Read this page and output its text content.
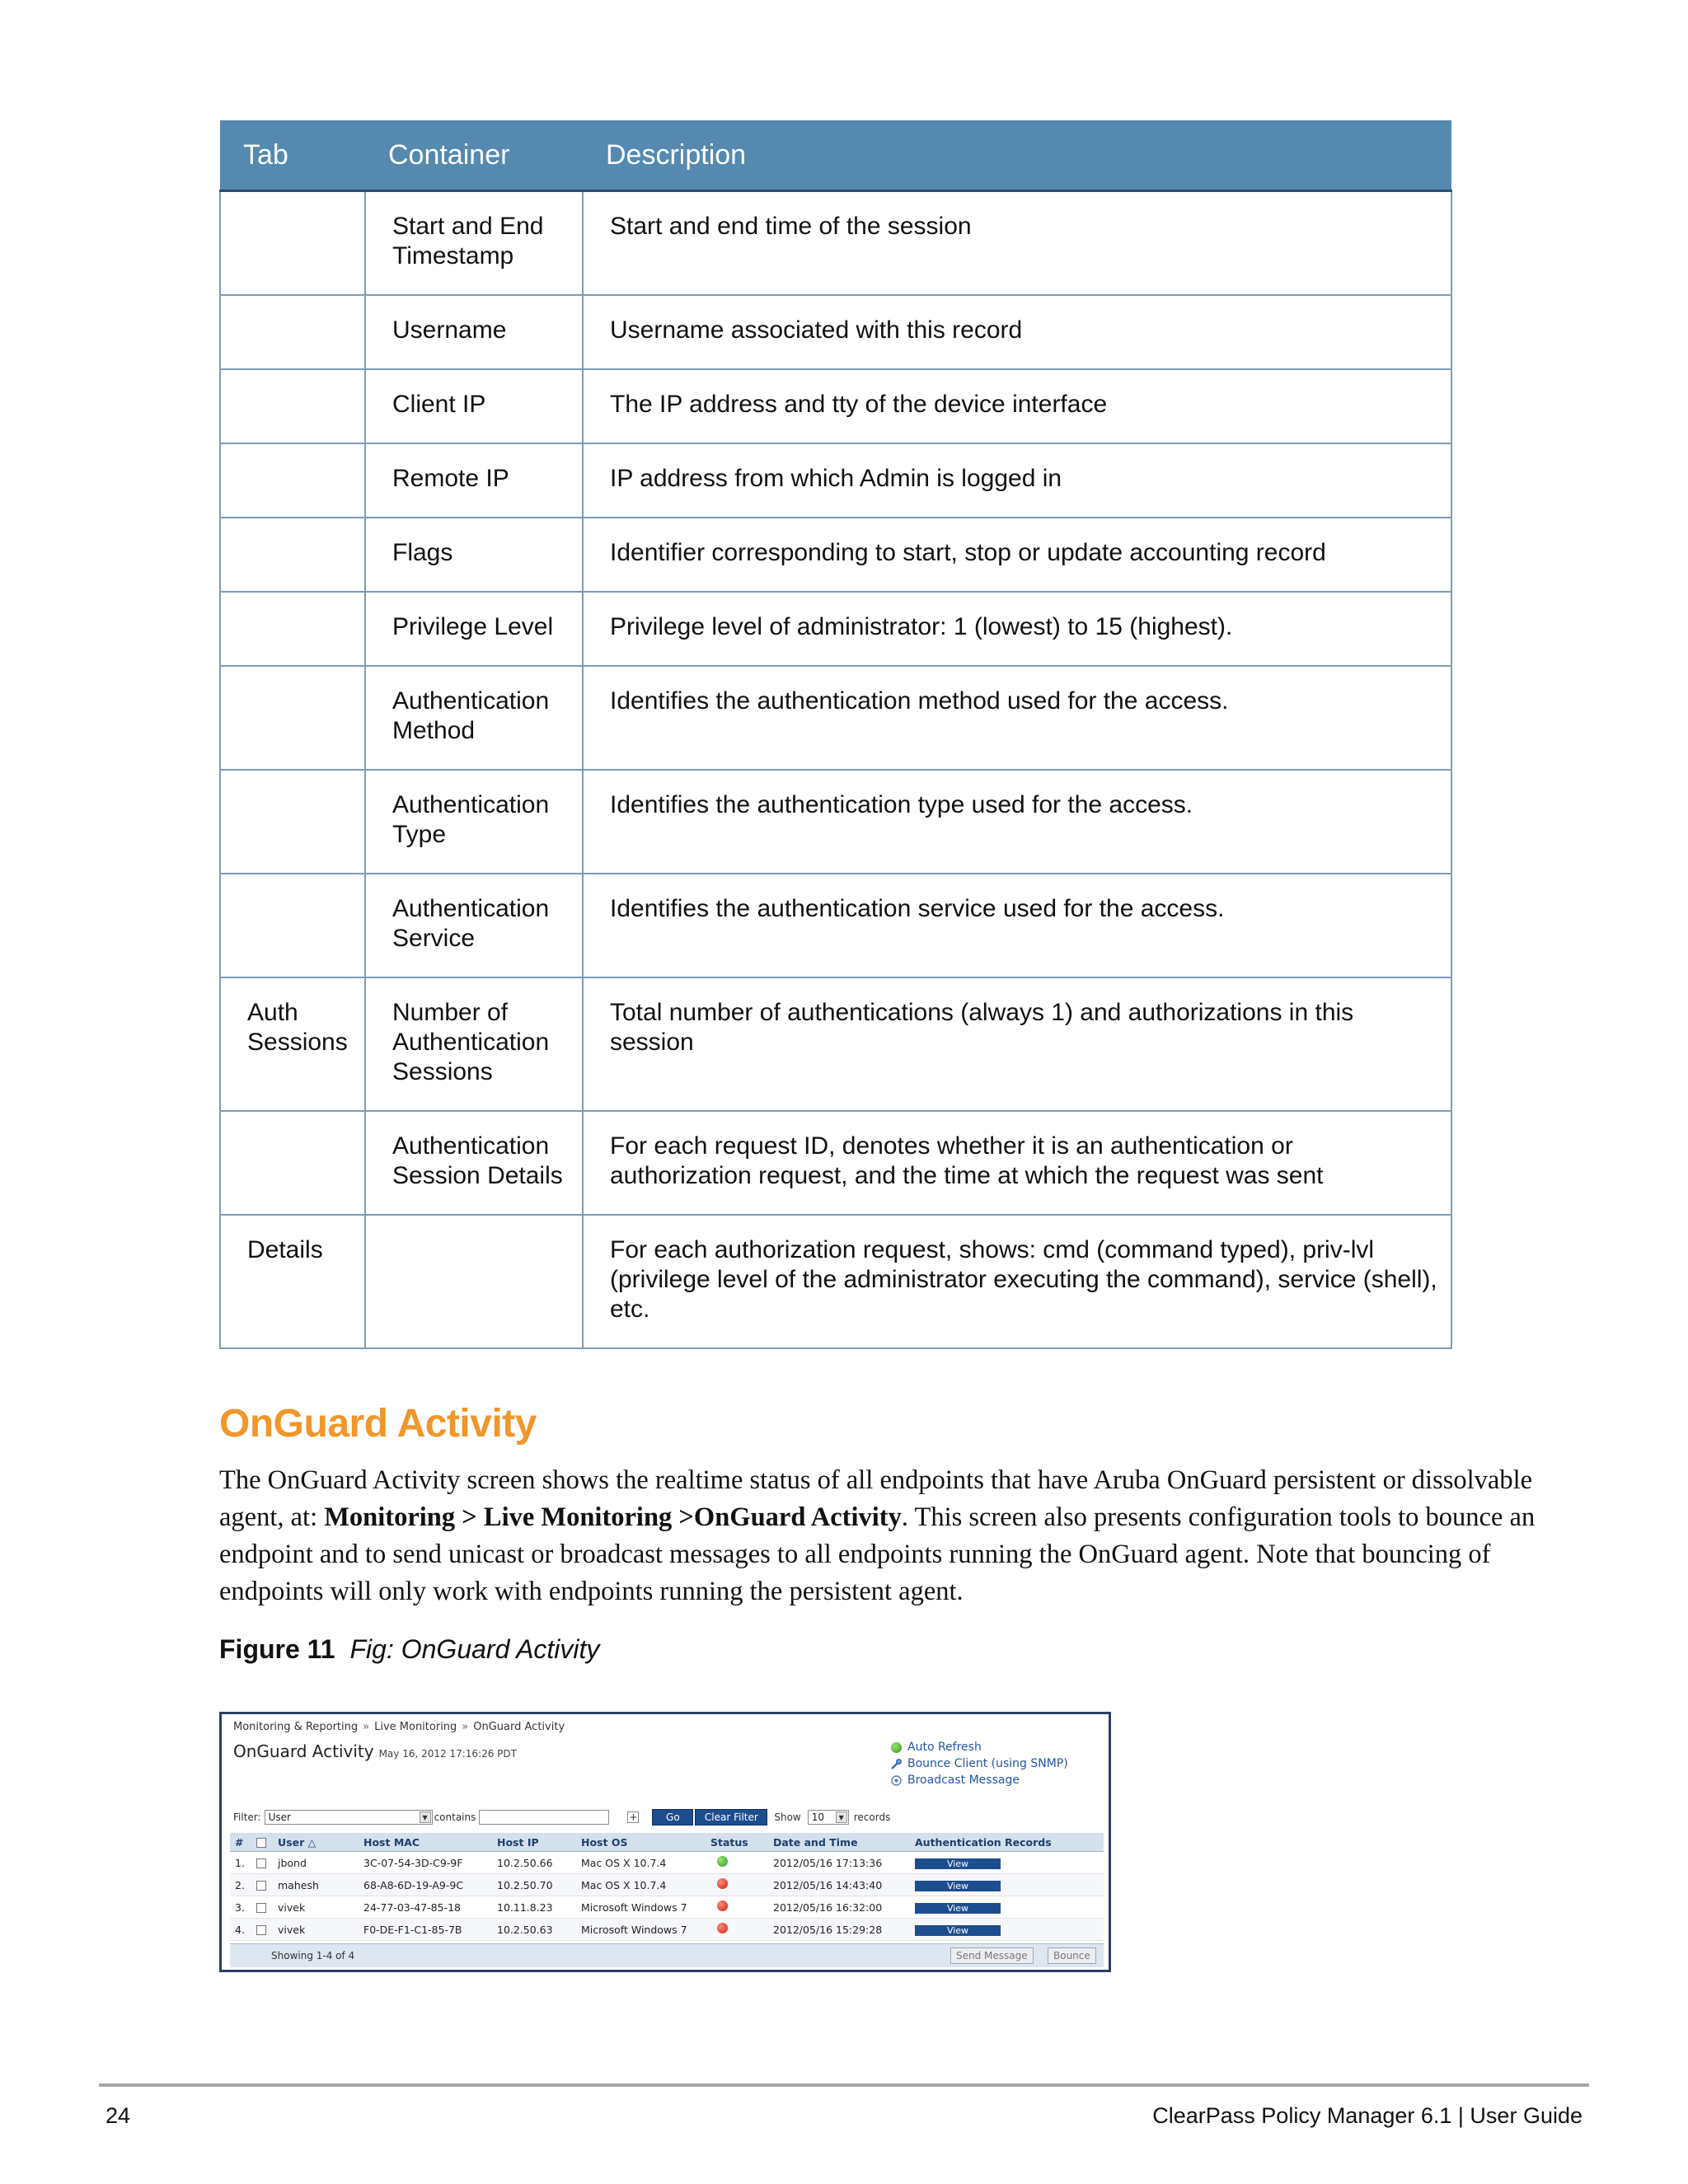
Tab	Container	Description
	Start and End Timestamp	Start and end time of the session
	Username	Username associated with this record
	Client IP	The IP address and tty of the device interface
	Remote IP	IP address from which Admin is logged in
	Flags	Identifier corresponding to start, stop or update accounting record
	Privilege Level	Privilege level of administrator: 1 (lowest) to 15 (highest).
	Authentication Method	Identifies the authentication method used for the access.
	Authentication Type	Identifies the authentication type used for the access.
	Authentication Service	Identifies the authentication service used for the access.
Auth Sessions	Number of Authentication Sessions	Total number of authentications (always 1) and authorizations in this session
	Authentication Session Details	For each request ID, denotes whether it is an authentication or authorization request, and the time at which the request was sent
Details		For each authorization request, shows: cmd (command typed), priv-lvl (privilege level of the administrator executing the command), service (shell), etc.
OnGuard Activity

The OnGuard Activity screen shows the realtime status of all endpoints that have Aruba OnGuard persistent or dissolvable agent, at: Monitoring > Live Monitoring >OnGuard Activity. This screen also presents configuration tools to bounce an endpoint and to send unicast or broadcast messages to all endpoints running the OnGuard agent. Note that bouncing of endpoints will only work with endpoints running the persistent agent.

Figure 11 Fig: OnGuard Activity

Monitoring & Reporting » Live Monitoring » OnGuard Activity
OnGuard Activity May 16, 2012 17:16:26 PDT	Auto Refresh
Bounce Client (using SNMP)
Broadcast Message
Filter: User	▼ contains	+	Go	Clear Filter	Show 10	▼ records
#		User △	Host MAC	Host IP	Host OS	Status	Date and Time	Authentication Records
1.		jbond	3C-07-54-3D-C9-9F	10.2.50.66	Mac OS X 10.7.4		2012/05/16 17:13:36	View
2.		mahesh	68-A8-6D-19-A9-9C	10.2.50.70	Mac OS X 10.7.4		2012/05/16 14:43:40	View
3.		vivek	24-77-03-47-85-18	10.11.8.23	Microsoft Windows 7		2012/05/16 16:32:00	View
4.		vivek	F0-DE-F1-C1-85-7B	10.2.50.63	Microsoft Windows 7		2012/05/16 15:29:28	View
Showing 1-4 of 4	Send Message	Bounce
24	ClearPass Policy Manager 6.1 | User Guide
